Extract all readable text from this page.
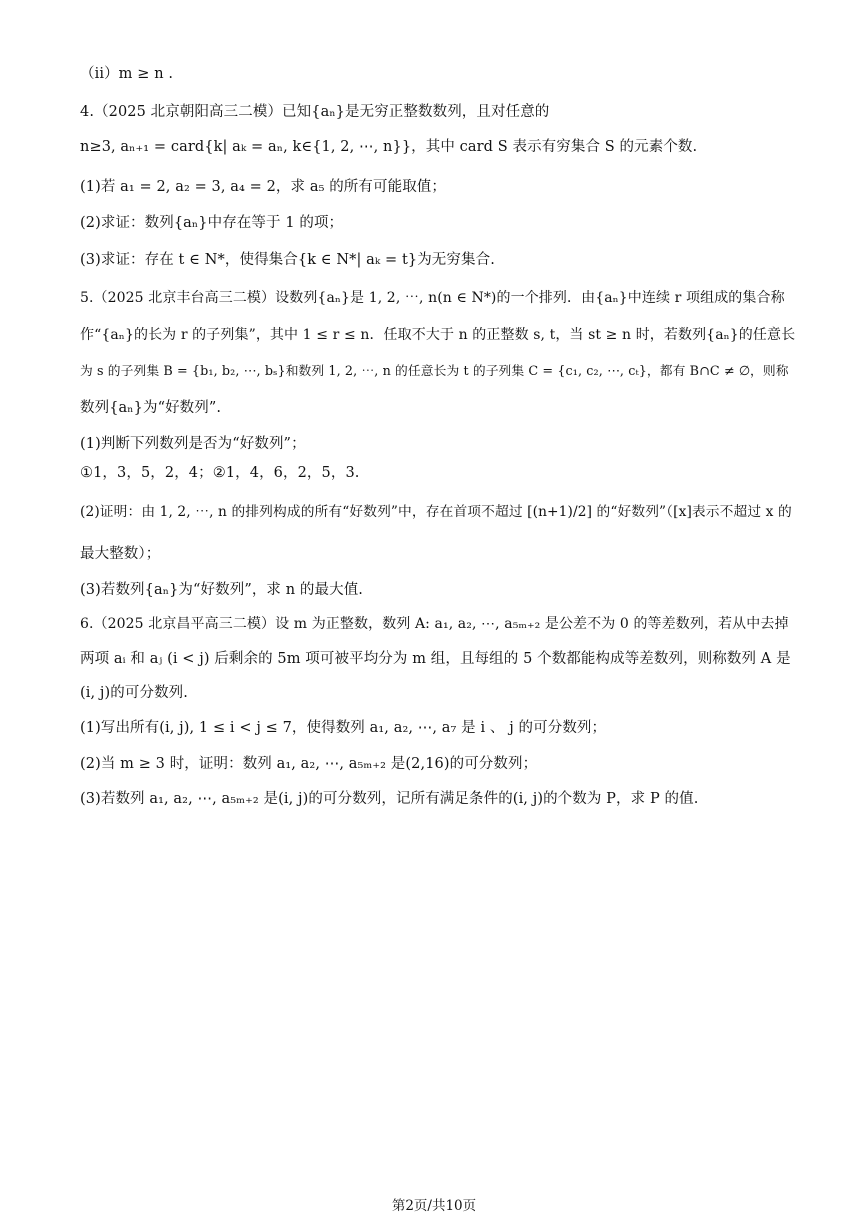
（ii）m ≥ n .
4.（2025 北京朝阳高三二模）已知{aₙ}是无穷正整数数列，且对任意的
n≥3, aₙ₊₁ = card{k| aₖ = aₙ, k∈{1, 2, ⋯, n}}，其中 card S 表示有穷集合 S 的元素个数.
(1)若 a₁ = 2, a₂ = 3, a₄ = 2，求 a₅ 的所有可能取值；
(2)求证：数列{aₙ}中存在等于 1 的项；
(3)求证：存在 t ∈ N*，使得集合{k ∈ N*| aₖ = t}为无穷集合.
5.（2025 北京丰台高三二模）设数列{aₙ}是 1, 2, ⋯, n(n ∈ N*)的一个排列．由{aₙ}中连续 r 项组成的集合称
作“{aₙ}的长为 r 的子列集”，其中 1 ≤ r ≤ n．任取不大于 n 的正整数 s, t，当 st ≥ n 时，若数列{aₙ}的任意长
为 s 的子列集 B = {b₁, b₂, ⋯, bₛ}和数列 1, 2, ⋯, n 的任意长为 t 的子列集 C = {c₁, c₂, ⋯, cₜ}，都有 B∩C ≠ ∅，则称
数列{aₙ}为“好数列”.
(1)判断下列数列是否为“好数列”；
①1，3，5，2，4；②1，4，6，2，5，3.
(2)证明：由 1, 2, ⋯, n 的排列构成的所有“好数列”中，存在首项不超过 [(n+1)/2] 的“好数列”（[x]表示不超过 x 的
最大整数）；
(3)若数列{aₙ}为“好数列”，求 n 的最大值.
6.（2025 北京昌平高三二模）设 m 为正整数，数列 A: a₁, a₂, ⋯, a₅ₘ₊₂ 是公差不为 0 的等差数列，若从中去掉
两项 aᵢ 和 aⱼ (i < j) 后剩余的 5m 项可被平均分为 m 组，且每组的 5 个数都能构成等差数列，则称数列 A 是
(i, j)的可分数列.
(1)写出所有(i, j), 1 ≤ i < j ≤ 7，使得数列 a₁, a₂, ⋯, a₇ 是 i 、 j 的可分数列；
(2)当 m ≥ 3 时，证明：数列 a₁, a₂, ⋯, a₅ₘ₊₂ 是(2,16)的可分数列；
(3)若数列 a₁, a₂, ⋯, a₅ₘ₊₂ 是(i, j)的可分数列，记所有满足条件的(i, j)的个数为 P，求 P 的值.
第2页/共10页
